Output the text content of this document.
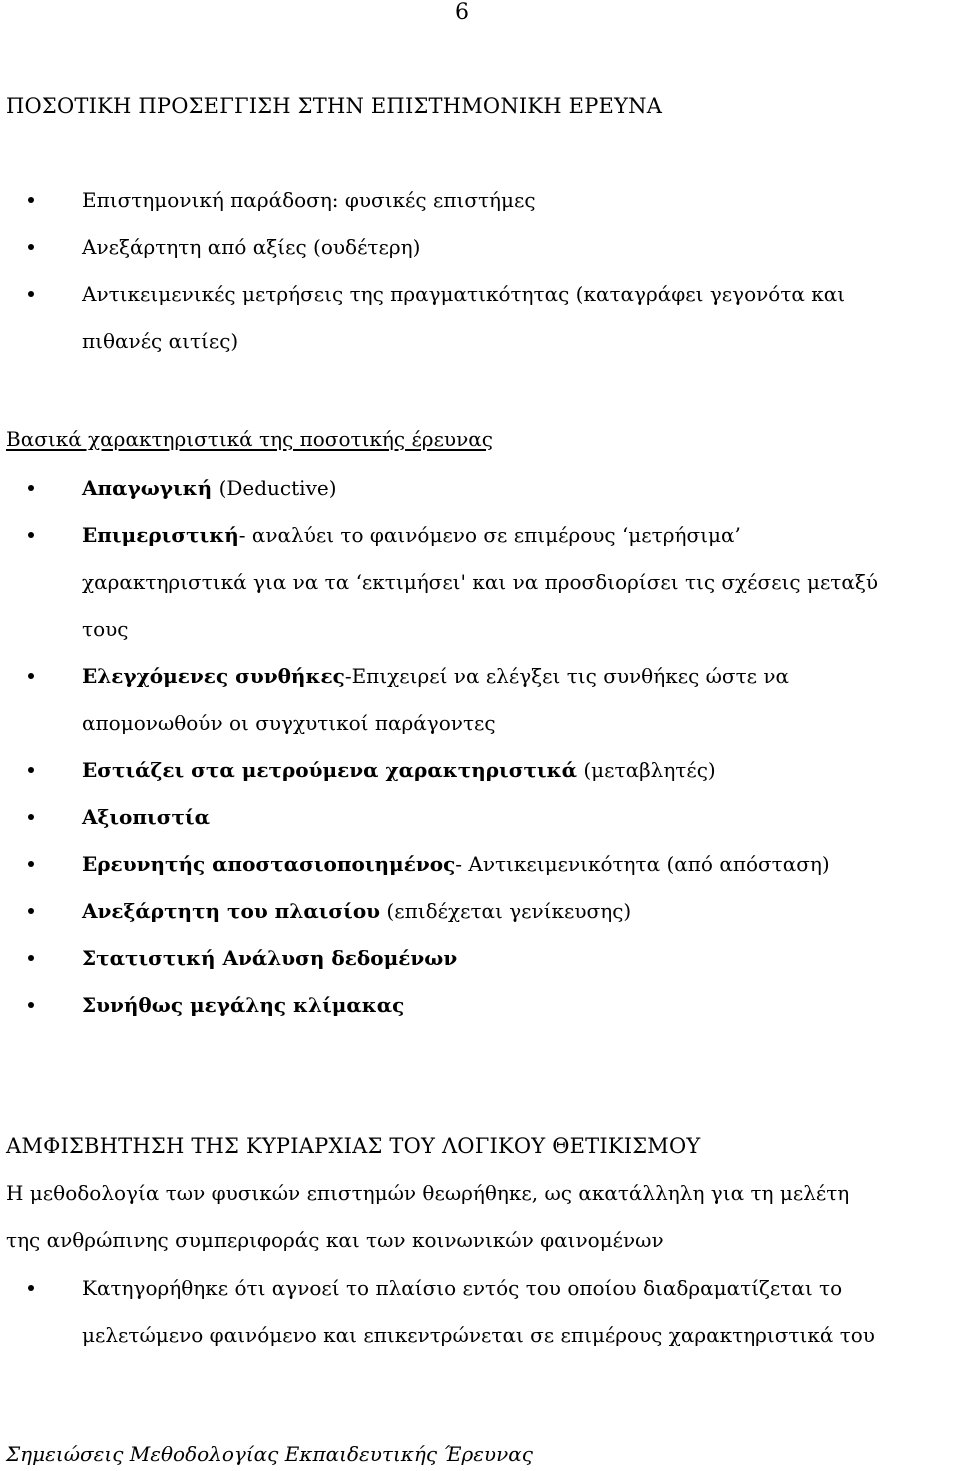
6
ΠΟΣΟΤΙΚΗ ΠΡΟΣΕΓΓΙΣΗ ΣΤΗΝ ΕΠΙΣΤΗΜΟΝΙΚΗ ΕΡΕΥΝΑ
Επιστημονική παράδοση: φυσικές επιστήμες
Ανεξάρτητη από αξίες (ουδέτερη)
Αντικειμενικές μετρήσεις της πραγματικότητας (καταγράφει γεγονότα και
πιθανές αιτίες)
Βασικά χαρακτηριστικά της ποσοτικής έρευνας
Απαγωγική (Deductive)
Επιμεριστική- αναλύει το φαινόμενο σε επιμέρους ‘μετρήσιμα’
χαρακτηριστικά για να τα ‘εκτιμήσει' και να προσδιορίσει τις σχέσεις μεταξύ
τους
Ελεγχόμενες συνθήκες-Επιχειρεί να ελέγξει τις συνθήκες ώστε να
απομονωθούν οι συγχυτικοί παράγοντες
Εστιάζει στα μετρούμενα χαρακτηριστικά (μεταβλητές)
Αξιοπιστία
Ερευνητής αποστασιοποιημένος- Αντικειμενικότητα (από απόσταση)
Ανεξάρτητη του πλαισίου (επιδέχεται γενίκευσης)
Στατιστική Ανάλυση δεδομένων
Συνήθως μεγάλης κλίμακας
ΑΜΦΙΣΒΗΤΗΣΗ ΤΗΣ ΚΥΡΙΑΡΧΙΑΣ ΤΟΥ ΛΟΓΙΚΟΥ ΘΕΤΙΚΙΣΜΟΥ
Η μεθοδολογία των φυσικών επιστημών θεωρήθηκε, ως ακατάλληλη για τη μελέτη
της ανθρώπινης συμπεριφοράς και των κοινωνικών φαινομένων
Κατηγορήθηκε ότι αγνοεί το πλαίσιο εντός του οποίου διαδραματίζεται το
μελετώμενο φαινόμενο και επικεντρώνεται σε επιμέρους χαρακτηριστικά του
Σημειώσεις Μεθοδολογίας Εκπαιδευτικής Έρευνας
